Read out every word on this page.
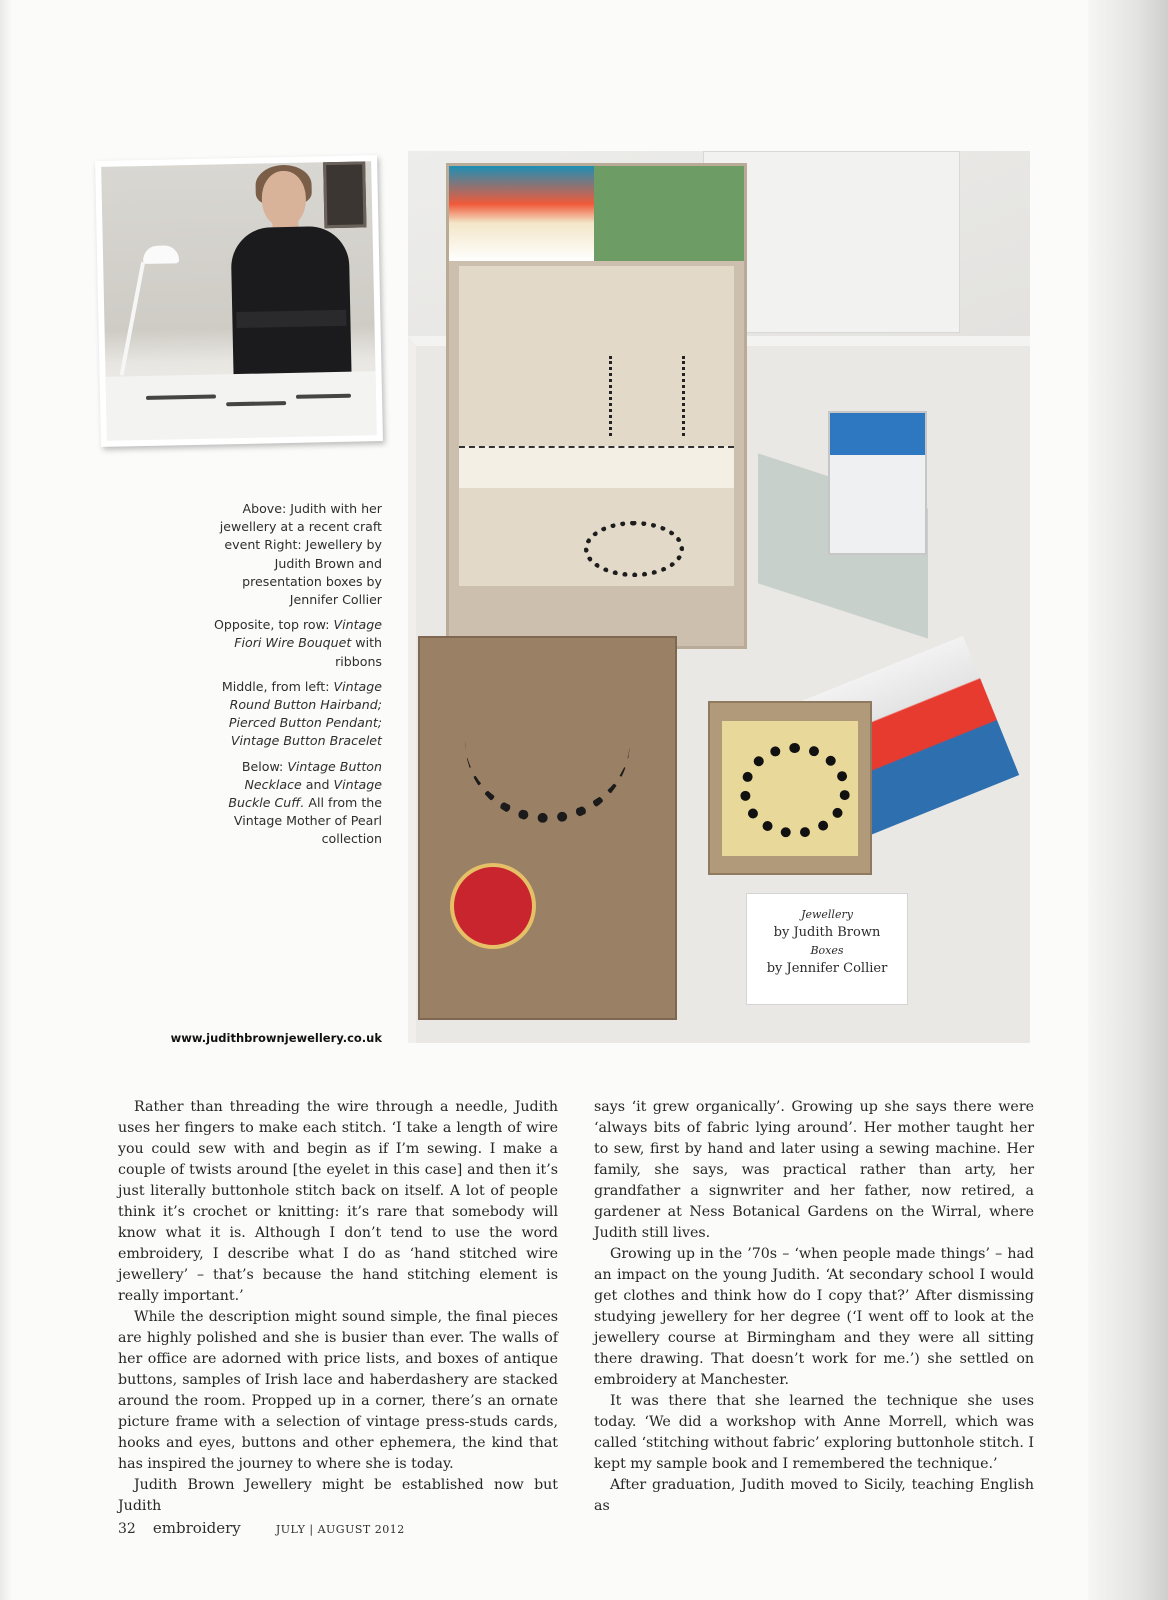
Above: Judith with her jewellery at a recent craft event Right: Jewellery by Judith Brown and presentation boxes by Jennifer Collier

Opposite, top row: Vintage Fiori Wire Bouquet with ribbons

Middle, from left: Vintage Round Button Hairband; Pierced Button Pendant; Vintage Button Bracelet

Below: Vintage Button Necklace and Vintage Buckle Cuff. All from the Vintage Mother of Pearl collection

www.judithbrownjewellery.co.uk
Jewellery
by Judith Brown
Boxes
by Jennifer Collier

Rather than threading the wire through a needle, Judith uses her fingers to make each stitch. ‘I take a length of wire you could sew with and begin as if I’m sewing. I make a couple of twists around [the eyelet in this case] and then it’s just literally buttonhole stitch back on itself. A lot of people think it’s crochet or knitting: it’s rare that somebody will know what it is. Although I don’t tend to use the word embroidery, I describe what I do as ‘hand stitched wire jewellery’ – that’s because the hand stitching element is really important.’

While the description might sound simple, the final pieces are highly polished and she is busier than ever. The walls of her office are adorned with price lists, and boxes of antique buttons, samples of Irish lace and haberdashery are stacked around the room. Propped up in a corner, there’s an ornate picture frame with a selection of vintage press-studs cards, hooks and eyes, buttons and other ephemera, the kind that has inspired the journey to where she is today.

Judith Brown Jewellery might be established now but Judith

says ‘it grew organically’. Growing up she says there were ‘always bits of fabric lying around’. Her mother taught her to sew, first by hand and later using a sewing machine. Her family, she says, was practical rather than arty, her grandfather a signwriter and her father, now retired, a gardener at Ness Botanical Gardens on the Wirral, where Judith still lives.

Growing up in the ’70s – ‘when people made things’ – had an impact on the young Judith. ‘At secondary school I would get clothes and think how do I copy that?’ After dismissing studying jewellery for her degree (‘I went off to look at the jewellery course at Birmingham and they were all sitting there drawing. That doesn’t work for me.’) she settled on embroidery at Manchester.

It was there that she learned the technique she uses today. ‘We did a workshop with Anne Morrell, which was called ‘stitching without fabric’ exploring buttonhole stitch. I kept my sample book and I remembered the technique.’

After graduation, Judith moved to Sicily, teaching English as

32 embroidery	JULY | AUGUST 2012
